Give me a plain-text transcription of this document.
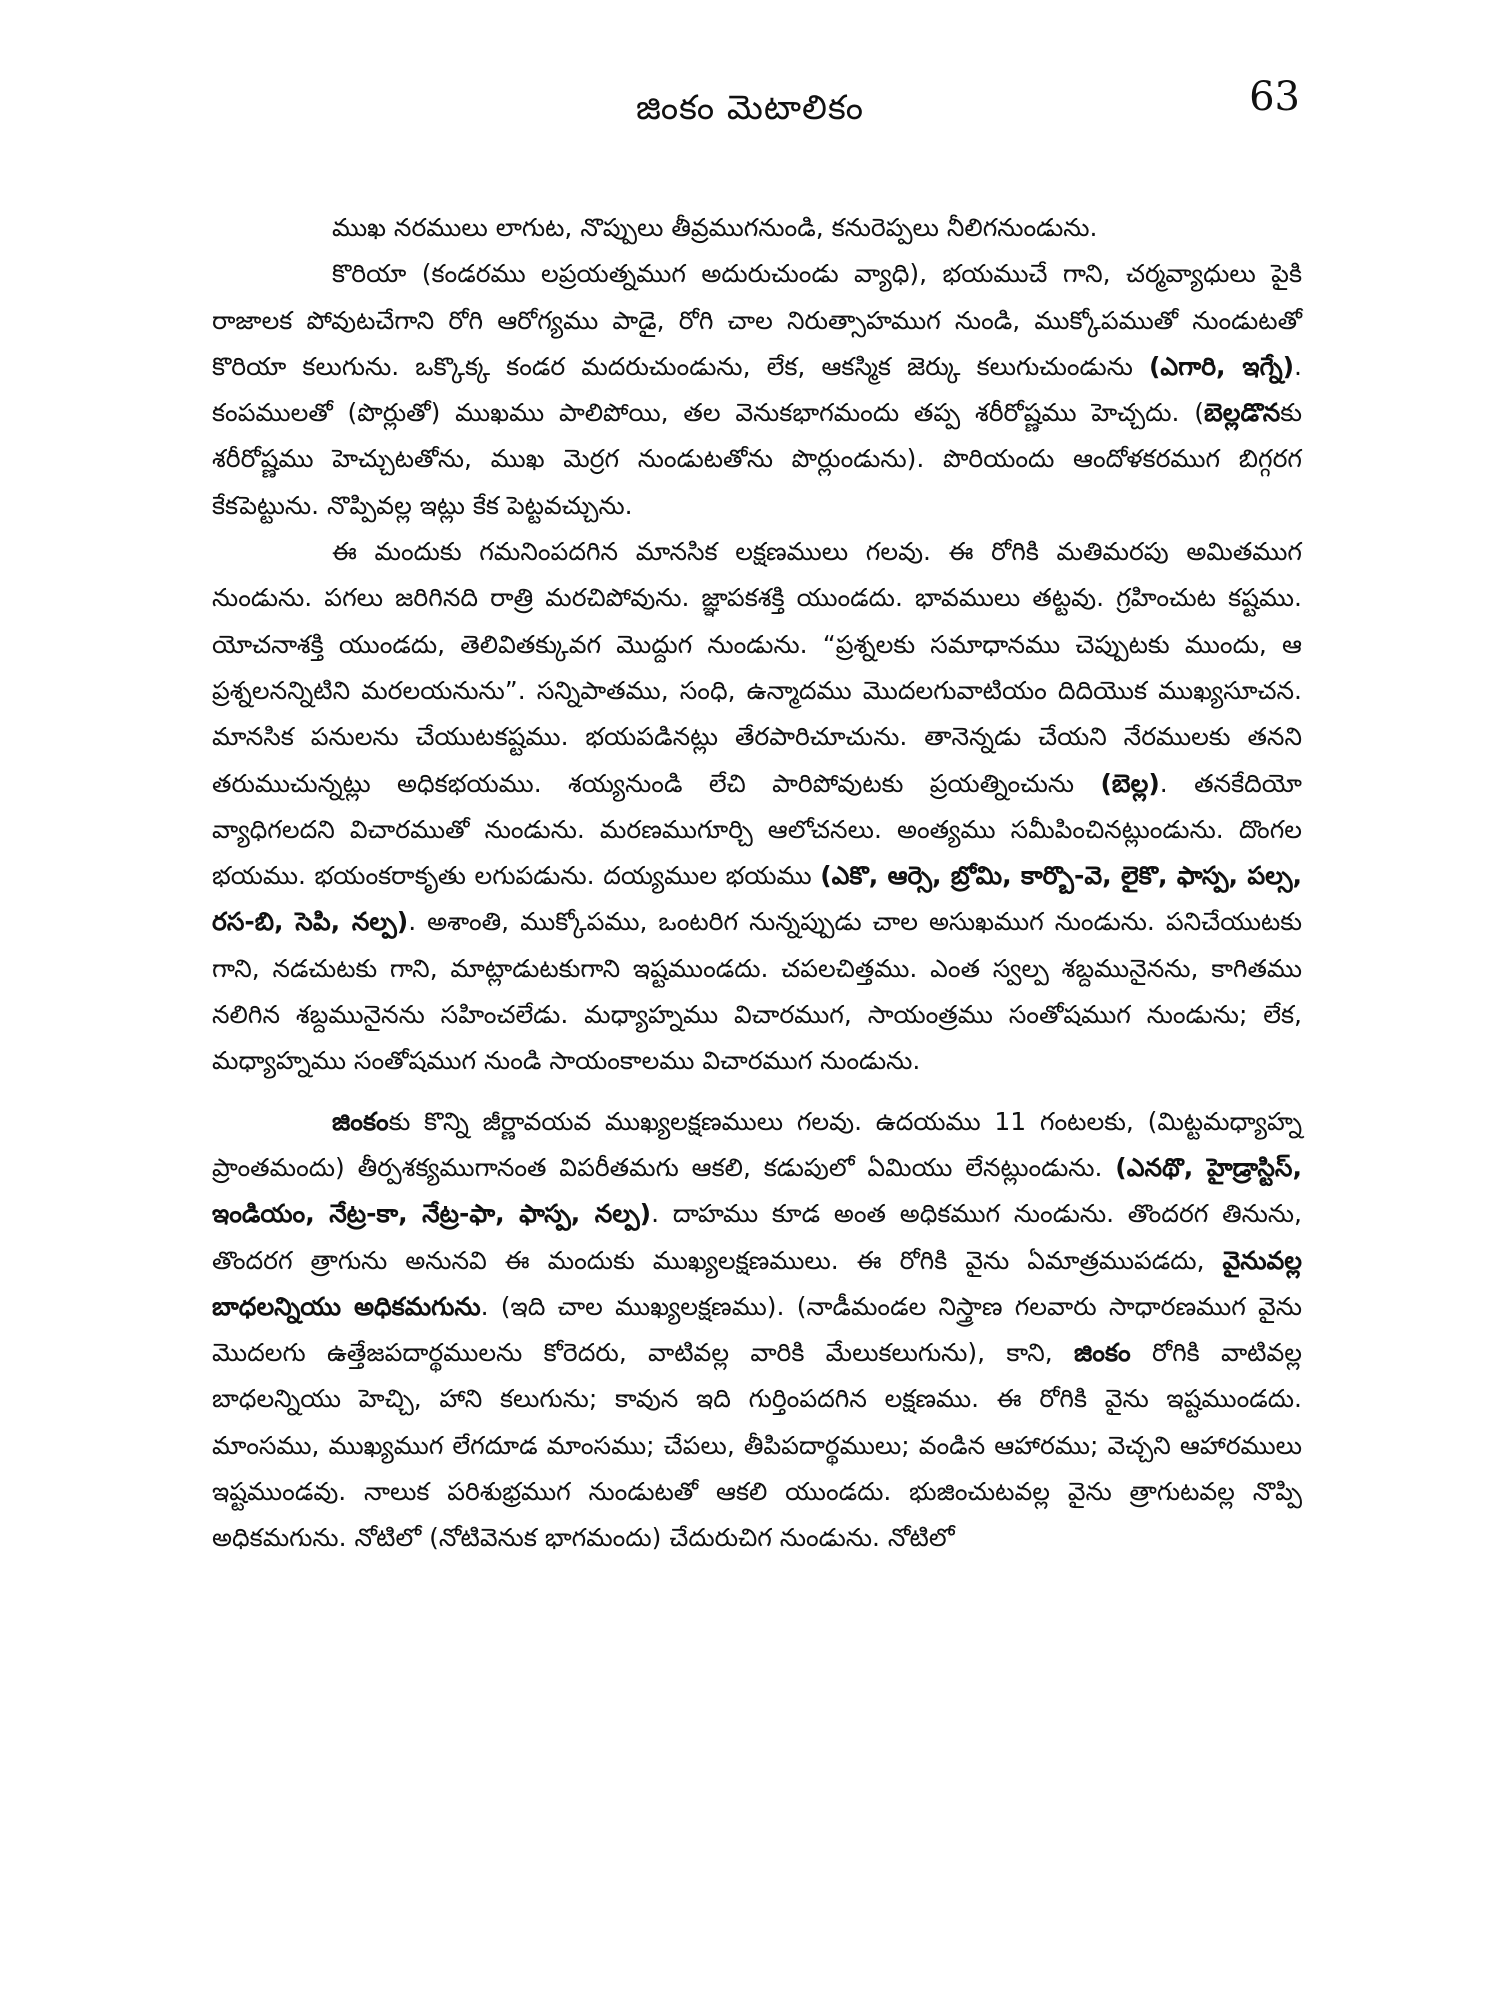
జింకం మెటాలికం	63

ముఖ నరములు లాగుట, నొప్పులు తీవ్రముగనుండి, కనురెప్పలు నీలిగనుండును.

కొరియా (కండరము లప్రయత్నముగ అదురుచుండు వ్యాధి), భయముచే గాని, చర్మవ్యాధులు పైకి రాజాలక పోవుటచేగాని రోగి ఆరోగ్యము పాడై, రోగి చాల నిరుత్సాహముగ నుండి, ముక్కోపముతో నుండుటతో కొరియా కలుగును. ఒక్కొక్క కండర మదరుచుండును, లేక, ఆకస్మిక జెర్కు కలుగుచుండును (ఎగారి, ఇగ్నే). కంపములతో (పొర్లుతో) ముఖము పాలిపోయి, తల వెనుకభాగమందు తప్ప శరీరోష్ణము హెచ్చదు. (బెల్లడొనకు శరీరోష్ణము హెచ్చుటతోను, ముఖ మెర్రగ నుండుటతోను పొర్లుండును). పొరియందు ఆందోళకరముగ బిగ్గరగ కేకపెట్టును. నొప్పివల్ల ఇట్లు కేక పెట్టవచ్చును.

ఈ మందుకు గమనింపదగిన మానసిక లక్షణములు గలవు. ఈ రోగికి మతిమరపు అమితముగ నుండును. పగలు జరిగినది రాత్రి మరచిపోవును. జ్ఞాపకశక్తి యుండదు. భావములు తట్టవు. గ్రహించుట కష్టము. యోచనాశక్తి యుండదు, తెలివితక్కువగ మొద్దుగ నుండును. “ప్రశ్నలకు సమాధానము చెప్పుటకు ముందు, ఆ ప్రశ్నలనన్నిటిని మరలయనును”. సన్నిపాతము, సంధి, ఉన్మాదము మొదలగువాటియం దిదియొక ముఖ్యసూచన. మానసిక పనులను చేయుటకష్టము. భయపడినట్లు తేరపారిచూచును. తానెన్నడు చేయని నేరములకు తనని తరుముచున్నట్లు అధికభయము. శయ్యనుండి లేచి పారిపోవుటకు ప్రయత్నించును (బెల్ల). తనకేదియో వ్యాధిగలదని విచారముతో నుండును. మరణముగూర్చి ఆలోచనలు. అంత్యము సమీపించినట్లుండును. దొంగల భయము. భయంకరాకృతు లగుపడును. దయ్యముల భయము (ఎకొ, ఆర్సె, బ్రోమి, కార్బొ-వె, లైకొ, ఫాస్ప, పల్స, రస-బి, సెపి, నల్ప). అశాంతి, ముక్కోపము, ఒంటరిగ నున్నప్పుడు చాల అసుఖముగ నుండును. పనిచేయుటకు గాని, నడచుటకు గాని, మాట్లాడుటకుగాని ఇష్టముండదు. చపలచిత్తము. ఎంత స్వల్ప శబ్దమునైనను, కాగితము నలిగిన శబ్దమునైనను సహించలేడు. మధ్యాహ్నము విచారముగ, సాయంత్రము సంతోషముగ నుండును; లేక, మధ్యాహ్నము సంతోషముగ నుండి సాయంకాలము విచారముగ నుండును.

జింకంకు కొన్ని జీర్ణావయవ ముఖ్యలక్షణములు గలవు. ఉదయము 11 గంటలకు, (మిట్టమధ్యాహ్న ప్రాంతమందు) తీర్పశక్యముగానంత విపరీతమగు ఆకలి, కడుపులో ఏమియు లేనట్లుండును. (ఎనథొ, హైడ్రాస్టిస్, ఇండియం, నేట్ర-కా, నేట్ర-ఫా, ఫాస్ప, నల్ప). దాహము కూడ అంత అధికముగ నుండును. తొందరగ తినును, తొందరగ త్రాగును అనునవి ఈ మందుకు ముఖ్యలక్షణములు. ఈ రోగికి వైను ఏమాత్రముపడదు, వైనువల్ల బాధలన్నియు అధికమగును. (ఇది చాల ముఖ్యలక్షణము). (నాడీమండల నిస్త్రాణ గలవారు సాధారణముగ వైను మొదలగు ఉత్తేజపదార్థములను కోరెదరు, వాటివల్ల వారికి మేలుకలుగును), కాని, జింకం రోగికి వాటివల్ల బాధలన్నియు హెచ్చి, హాని కలుగును; కావున ఇది గుర్తింపదగిన లక్షణము. ఈ రోగికి వైను ఇష్టముండదు. మాంసము, ముఖ్యముగ లేగదూడ మాంసము; చేపలు, తీపిపదార్థములు; వండిన ఆహారము; వెచ్చని ఆహారములు ఇష్టముండవు. నాలుక పరిశుభ్రముగ నుండుటతో ఆకలి యుండదు. భుజించుటవల్ల వైను త్రాగుటవల్ల నొప్పి అధికమగును. నోటిలో (నోటివెనుక భాగమందు) చేదురుచిగ నుండును. నోటిలో
